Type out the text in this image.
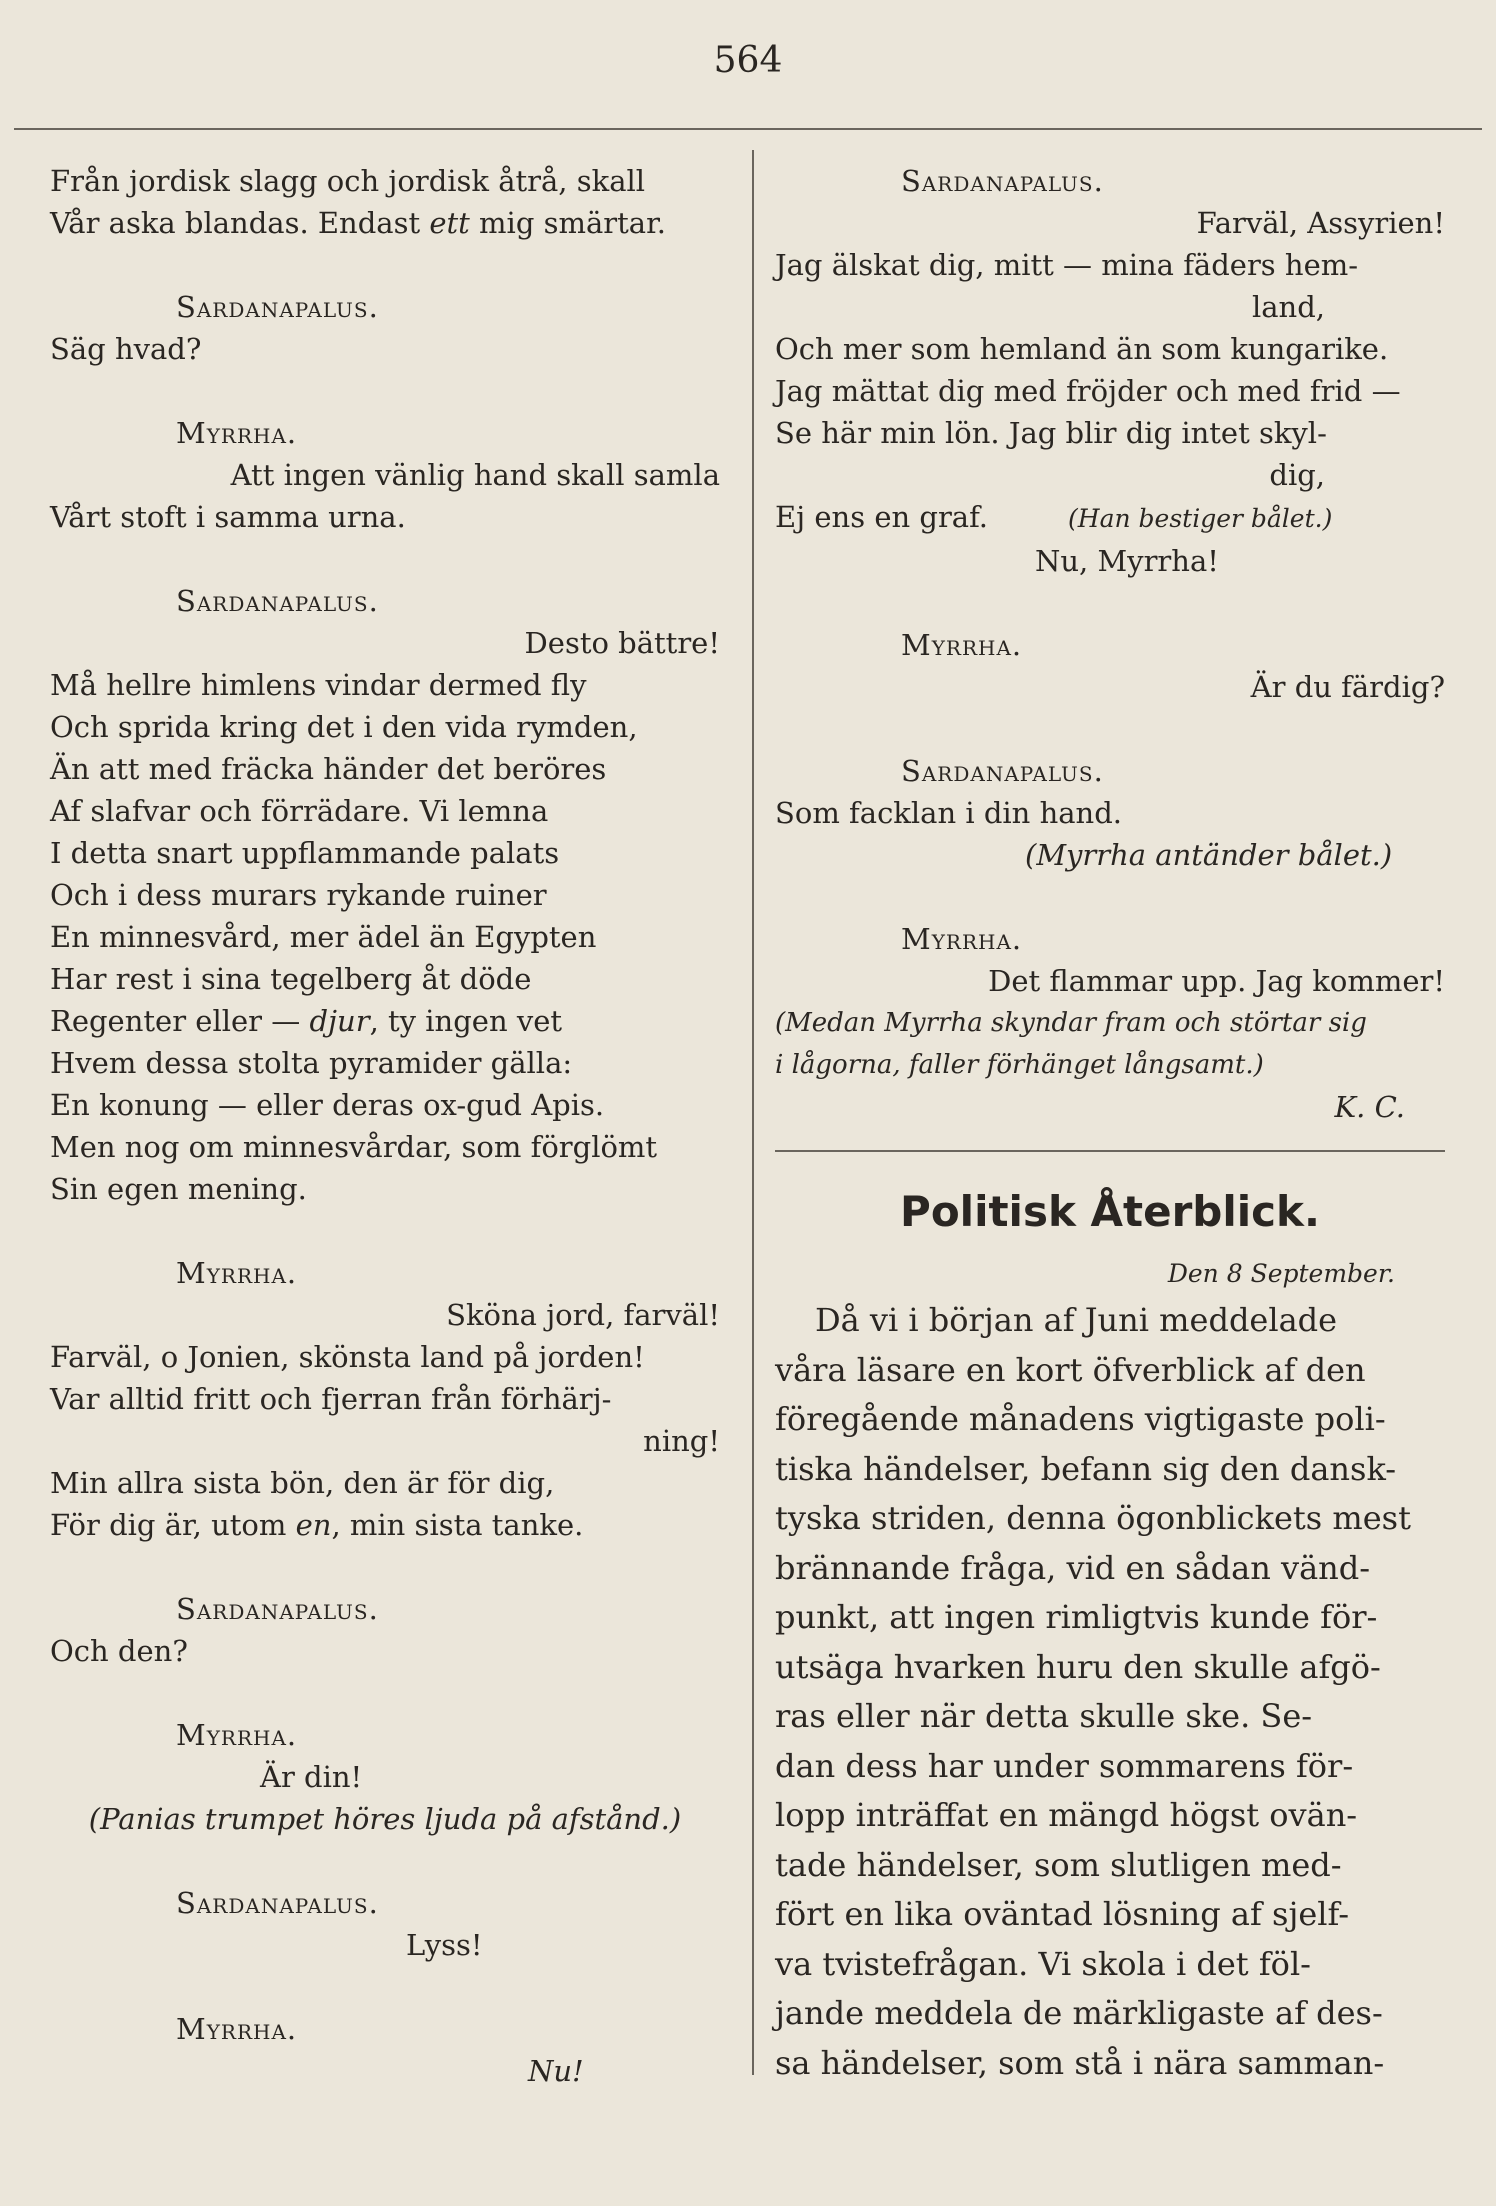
564
Från jordisk slagg och jordisk åtrå, skall
Vår aska blandas. Endast ett mig smärtar.
Sardanapalus.
Säg hvad?
Myrrha.
Att ingen vänlig hand skall samla
Vårt stoft i samma urna.
Sardanapalus.
Desto bättre!
Må hellre himlens vindar dermed fly
Och sprida kring det i den vida rymden,
Än att med fräcka händer det beröres
Af slafvar och förrädare. Vi lemna
I detta snart uppflammande palats
Och i dess murars rykande ruiner
En minnesvård, mer ädel än Egypten
Har rest i sina tegelberg åt döde
Regenter eller — djur, ty ingen vet
Hvem dessa stolta pyramider gälla:
En konung — eller deras ox-gud Apis.
Men nog om minnesvårdar, som förglömt
Sin egen mening.
Myrrha.
Sköna jord, farväl!
Farväl, o Jonien, skönsta land på jorden!
Var alltid fritt och fjerran från förhärj-
ning!
Min allra sista bön, den är för dig,
För dig är, utom en, min sista tanke.
Sardanapalus.
Och den?
Myrrha.
Är din!
(Panias trumpet höres ljuda på afstånd.)
Sardanapalus.
Lyss!
Myrrha.
Nu!
Sardanapalus.
Farväl, Assyrien!
Jag älskat dig, mitt — mina fäders hem-
land,
Och mer som hemland än som kungarike.
Jag mättat dig med fröjder och med frid —
Se här min lön. Jag blir dig intet skyl-
dig,
Ej ens en graf.	(Han bestiger bålet.)
Nu, Myrrha!
Myrrha.
Är du färdig?
Sardanapalus.
Som facklan i din hand.
(Myrrha antänder bålet.)
Myrrha.
Det flammar upp. Jag kommer!
(Medan Myrrha skyndar fram och störtar sig
i lågorna, faller förhänget långsamt.)
K. C.
Politisk Återblick.
Den 8 September.
Då vi i början af Juni meddelade
våra läsare en kort öfverblick af den
föregående månadens vigtigaste poli-
tiska händelser, befann sig den dansk-
tyska striden, denna ögonblickets mest
brännande fråga, vid en sådan vänd-
punkt, att ingen rimligtvis kunde för-
utsäga hvarken huru den skulle afgö-
ras eller när detta skulle ske. Se-
dan dess har under sommarens för-
lopp inträffat en mängd högst ovän-
tade händelser, som slutligen med-
fört en lika oväntad lösning af sjelf-
va tvistefrågan. Vi skola i det föl-
jande meddela de märkligaste af des-
sa händelser, som stå i nära samman-
